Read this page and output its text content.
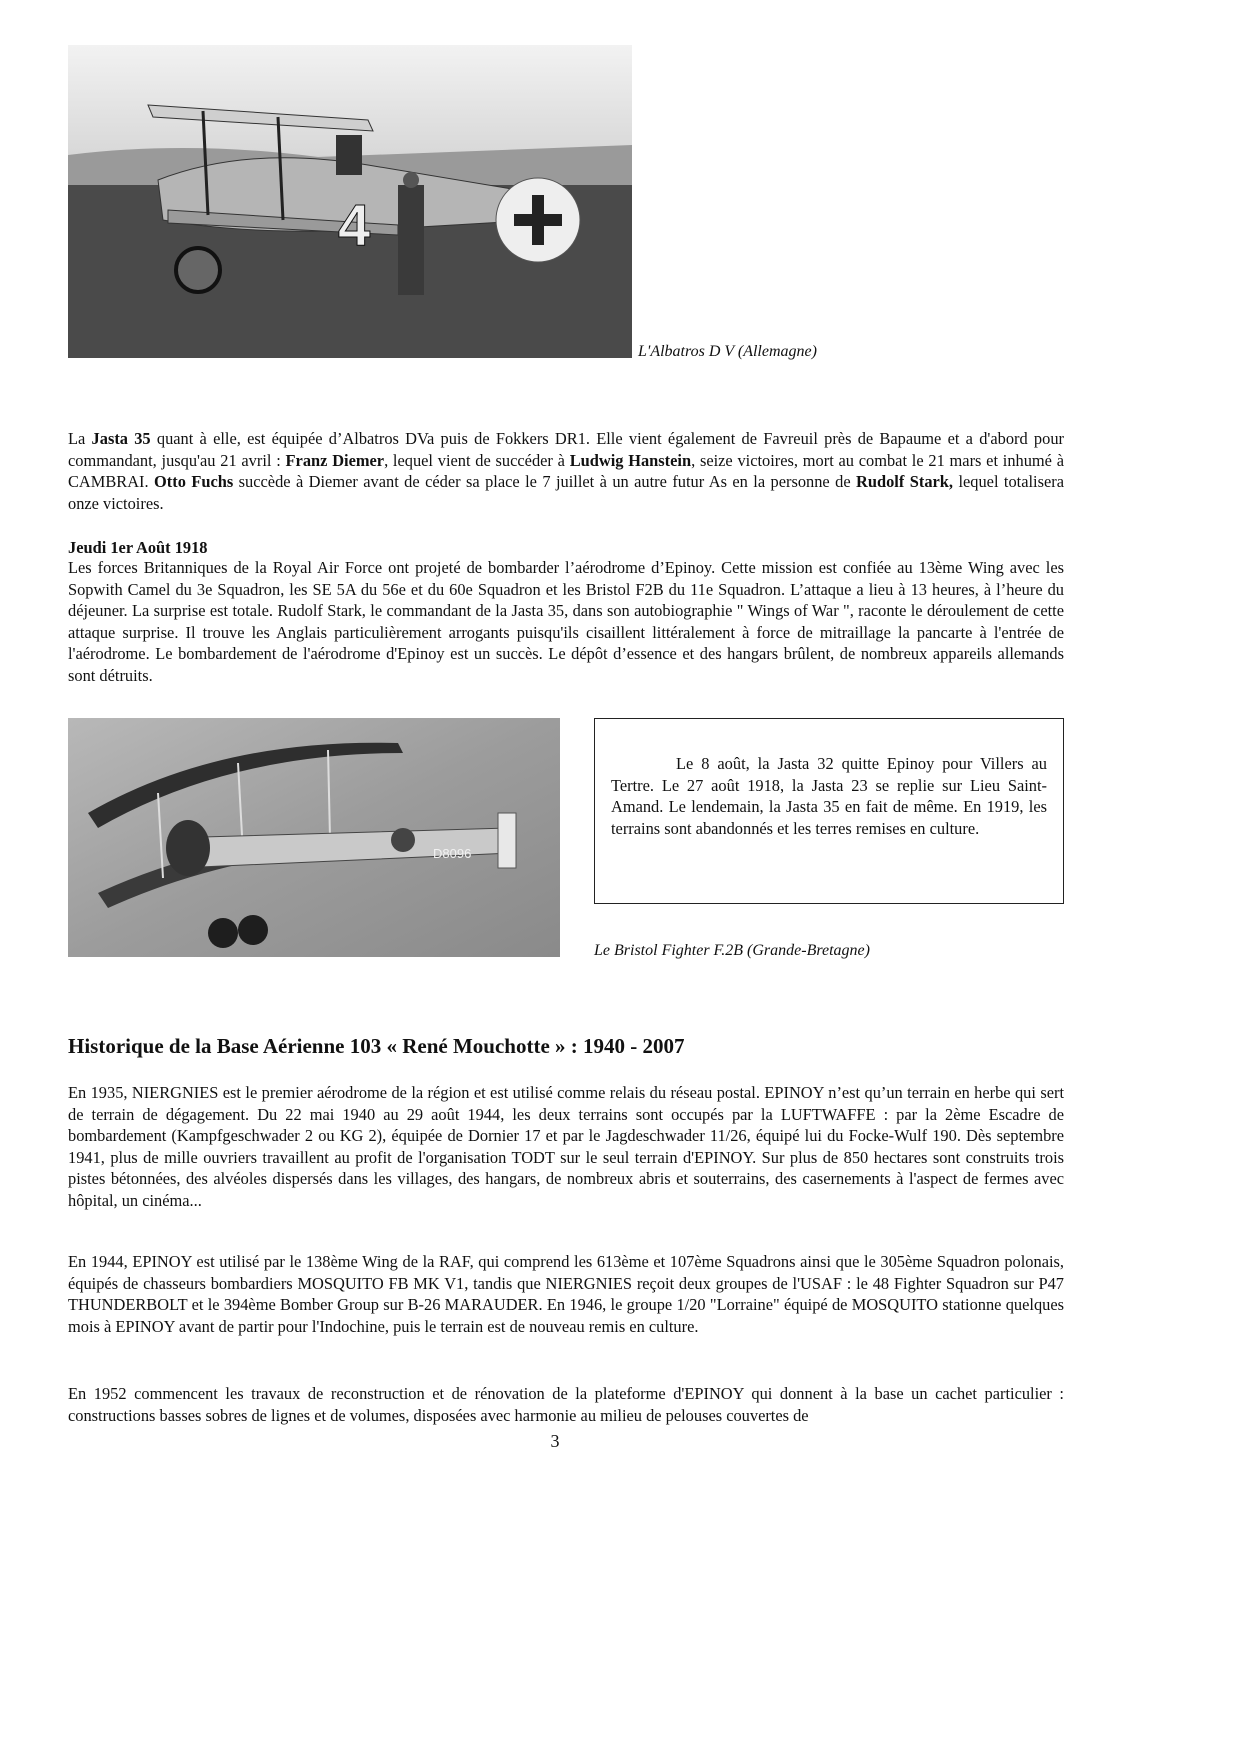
4
L'Albatros D V (Allemagne)

La Jasta 35 quant à elle, est équipée d’Albatros DVa puis de Fokkers DR1. Elle vient également de Favreuil près de Bapaume et a d'abord pour commandant, jusqu'au 21 avril : Franz Diemer, lequel vient de succéder à Ludwig Hanstein, seize victoires, mort au combat le 21 mars et inhumé à CAMBRAI. Otto Fuchs succède à Diemer avant de céder sa place le 7 juillet à un autre futur As en la personne de Rudolf Stark, lequel totalisera onze victoires.

Jeudi 1er Août 1918

Les forces Britanniques de la Royal Air Force ont projeté de bombarder l’aérodrome d’Epinoy. Cette mission est confiée au 13ème Wing avec les Sopwith Camel du 3e Squadron, les SE 5A du 56e et du 60e Squadron et les Bristol F2B du 11e Squadron. L’attaque a lieu à 13 heures, à l’heure du déjeuner. La surprise est totale. Rudolf Stark, le commandant de la Jasta 35, dans son autobiographie " Wings of War ", raconte le déroulement de cette attaque surprise. Il trouve les Anglais particulièrement arrogants puisqu'ils cisaillent littéralement à force de mitraillage la pancarte à l'entrée de l'aérodrome. Le bombardement de l'aérodrome d'Epinoy est un succès. Le dépôt d’essence et des hangars brûlent, de nombreux appareils allemands sont détruits.

D8096

Le 8 août, la Jasta 32 quitte Epinoy pour Villers au Tertre. Le 27 août 1918, la Jasta 23 se replie sur Lieu Saint-Amand. Le lendemain, la Jasta 35 en fait de même. En 1919, les terrains sont abandonnés et les terres remises en culture.

Le Bristol Fighter F.2B (Grande-Bretagne)
Historique de la Base Aérienne 103 « René Mouchotte » : 1940 - 2007

En 1935, NIERGNIES est le premier aérodrome de la région et est utilisé comme relais du réseau postal. EPINOY n’est qu’un terrain en herbe qui sert de terrain de dégagement. Du 22 mai 1940 au 29 août 1944, les deux terrains sont occupés par la LUFTWAFFE : par la 2ème Escadre de bombardement (Kampfgeschwader 2 ou KG 2), équipée de Dornier 17 et par le Jagdeschwader 11/26, équipé lui du Focke-Wulf 190. Dès septembre 1941, plus de mille ouvriers travaillent au profit de l'organisation TODT sur le seul terrain d'EPINOY. Sur plus de 850 hectares sont construits trois pistes bétonnées, des alvéoles dispersés dans les villages, des hangars, de nombreux abris et souterrains, des casernements à l'aspect de fermes avec hôpital, un cinéma...

En 1944, EPINOY est utilisé par le 138ème Wing de la RAF, qui comprend les 613ème et 107ème Squadrons ainsi que le 305ème Squadron polonais, équipés de chasseurs bombardiers MOSQUITO FB MK V1, tandis que NIERGNIES reçoit deux groupes de l'USAF : le 48 Fighter Squadron sur P47 THUNDERBOLT et le 394ème Bomber Group sur B-26 MARAUDER. En 1946, le groupe 1/20 "Lorraine" équipé de MOSQUITO stationne quelques mois à EPINOY avant de partir pour l'Indochine, puis le terrain est de nouveau remis en culture.

En 1952 commencent les travaux de reconstruction et de rénovation de la plateforme d'EPINOY qui donnent à la base un cachet particulier : constructions basses sobres de lignes et de volumes, disposées avec harmonie au milieu de pelouses couvertes de

3
